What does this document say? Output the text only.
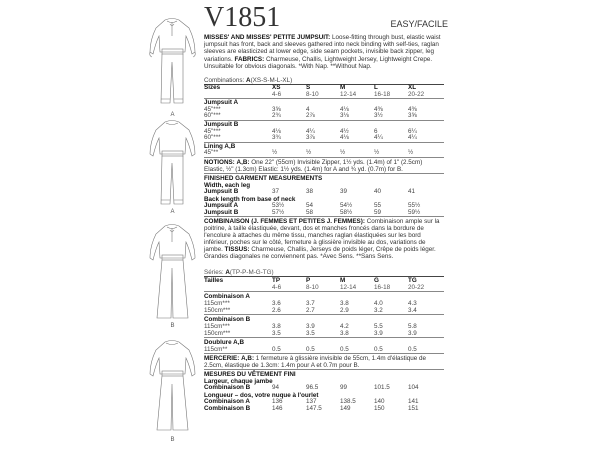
A
A
B
B
V1851	EASY/FACILE
MISSES' AND MISSES' PETITE JUMPSUIT: Loose-fitting through bust, elastic waist jumpsuit has front, back and sleeves gathered into neck binding with self-ties, raglan sleeves are elasticized at lower edge, side seam pockets, invisible back zipper, leg variations. FABRICS: Charmeuse, Challis, Lightweight Jersey, Lightweight Crepe. Unsuitable for obvious diagonals. *With Nap. **Without Nap.
Combinations: A(XS-S-M-L-XL)
Sizes	XS	S	M	L	XL
	4-6	8-10	12-14	16-18	20-22
Jumpsuit A					
45"***	3⅝	4	4⅛	4⅜	4⅜
60"***	2¾	2⅞	3⅛	3½	3⅝
Jumpsuit B					
45"***	4⅛	4¼	4½	6	6¼
60"***	3¾	3⅞	4⅛	4¼	4¼
Lining A,B					
45"**	½	½	½	½	½
NOTIONS: A,B: One 22" (55cm) Invisible Zipper, 1½ yds. (1.4m) of 1" (2.5cm) Elastic, ½" (1.3cm) Elastic: 1½ yds. (1.4m) for A and ¾ yd. (0.7m) for B.
FINISHED GARMENT MEASUREMENTS
Width, each leg					
Jumpsuit B	37	38	39	40	41
Back length from base of neck					
Jumpsuit A	53½	54	54½	55	55½
Jumpsuit B	57½	58	58½	59	59½
COMBINAISON (J. FEMMES ET PETITES J. FEMMES): Combinaison ample sur la poitrine, à taille élastiquée, devant, dos et manches froncés dans la bordure de l'encolure à attaches du même tissu, manches raglan élastiquées sur les bord inférieur, poches sur le côté, fermeture à glissière invisible au dos, variations de jambe. TISSUS: Charmeuse, Challis, Jerseys de poids léger, Crêpe de poids léger. Grandes diagonales ne conviennent pas. *Avec Sens. **Sans Sens.
Séries: A(TP-P-M-G-TG)
Tailles	TP	P	M	G	TG
	4-6	8-10	12-14	16-18	20-22
Combinaison A					
115cm***	3.6	3.7	3.8	4.0	4.3
150cm***	2.6	2.7	2.9	3.2	3.4
Combinaison B					
115cm***	3.8	3.9	4.2	5.5	5.8
150cm***	3.5	3.5	3.8	3.9	3.9
Doublure A,B					
115cm**	0.5	0.5	0.5	0.5	0.5
MERCERIE: A,B: 1 fermeture à glissière invisible de 55cm, 1.4m d'élastique de 2.5cm, élastique de 1.3cm: 1.4m pour A et 0.7m pour B.
MESURES DU VÊTEMENT FINI
Largeur, chaque jambe					
Combinaison B	94	96.5	99	101.5	104
Longueur – dos, votre nuque à l'ourlet					
Combinaison A	136	137	138.5	140	141
Combinaison B	146	147.5	149	150	151
